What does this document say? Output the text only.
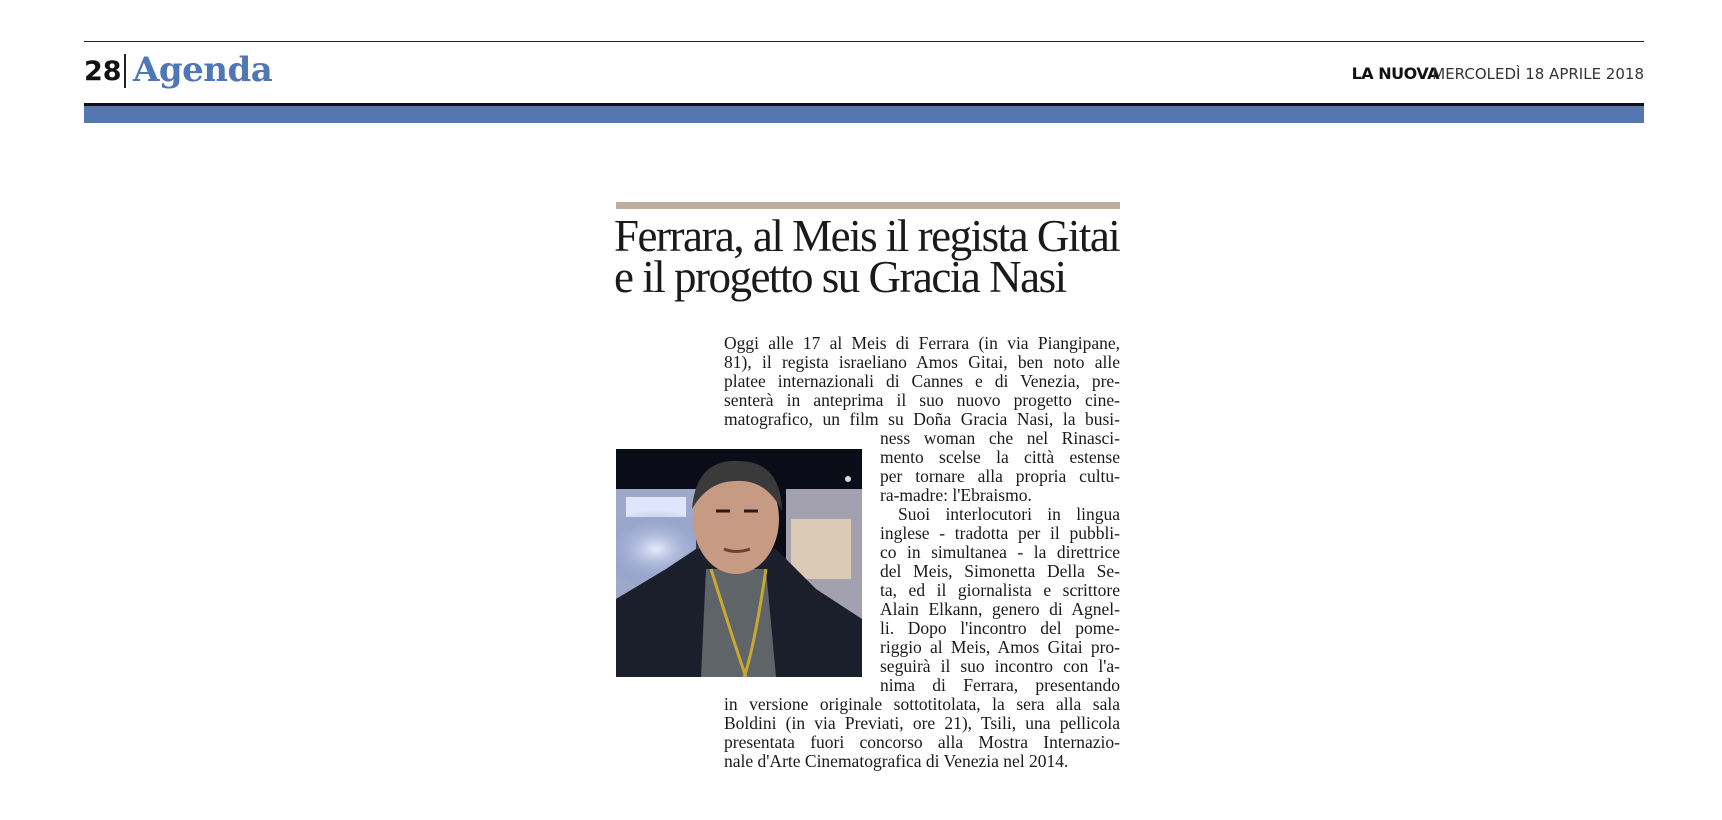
28 Agenda	LA NUOVA
MERCOLEDÌ 18 APRILE 2018
Ferrara, al Meis il regista Gitai
e il progetto su Gracia Nasi
Oggi alle 17 al Meis di Ferrara (in via Piangipane,
81), il regista israeliano Amos Gitai, ben noto alle
platee internazionali di Cannes e di Venezia, pre-
senterà in anteprima il suo nuovo progetto cine-
matografico, un film su Doña Gracia Nasi, la busi-
ness woman che nel Rinasci-
mento scelse la città estense
per tornare alla propria cultu-
ra-madre: l'Ebraismo.
Suoi interlocutori in lingua
inglese - tradotta per il pubbli-
co in simultanea - la direttrice
del Meis, Simonetta Della Se-
ta, ed il giornalista e scrittore
Alain Elkann, genero di Agnel-
li. Dopo l'incontro del pome-
riggio al Meis, Amos Gitai pro-
seguirà il suo incontro con l'a-
nima di Ferrara, presentando
in versione originale sottotitolata, la sera alla sala
Boldini (in via Previati, ore 21), Tsili, una pellicola
presentata fuori concorso alla Mostra Internazio-
nale d'Arte Cinematografica di Venezia nel 2014.
